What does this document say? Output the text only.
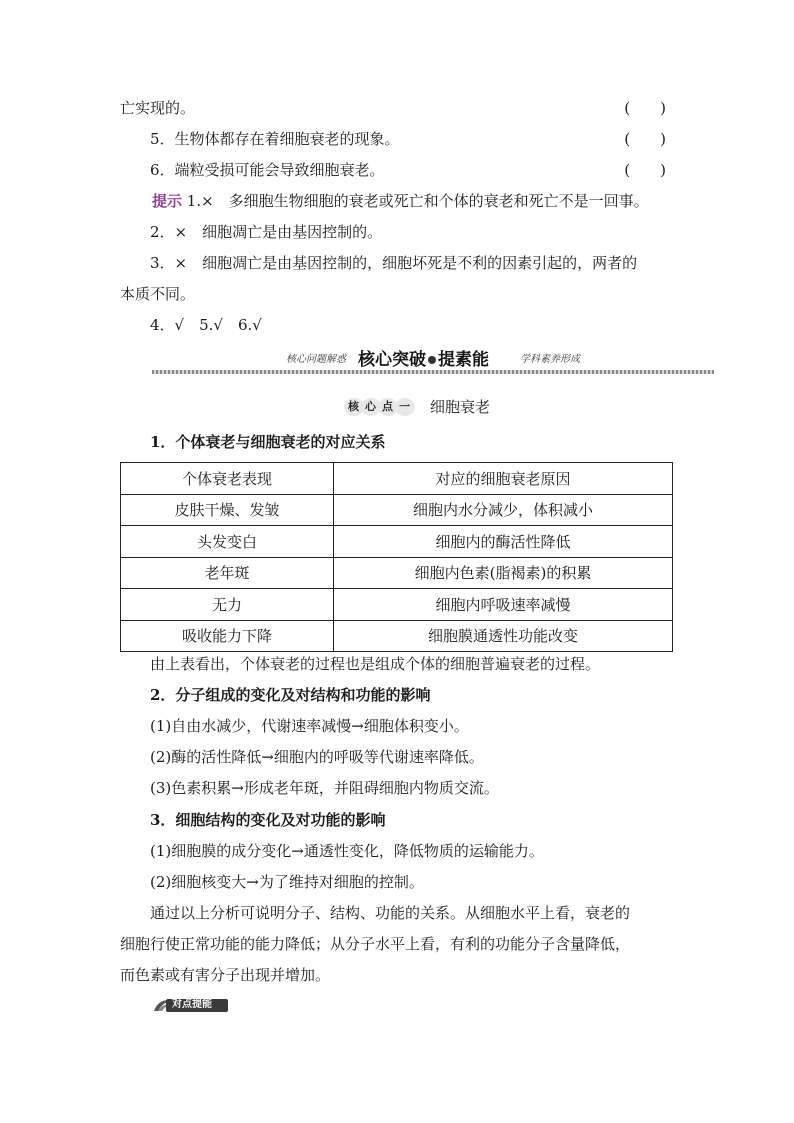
亡实现的。	(　　)
5．生物体都存在着细胞衰老的现象。	(　　)
6．端粒受损可能会导致细胞衰老。	(　　)
提示 1.×　多细胞生物细胞的衰老或死亡和个体的衰老和死亡不是一回事。
2．×　细胞凋亡是由基因控制的。
3．×　细胞凋亡是由基因控制的，细胞坏死是不利的因素引起的，两者的
本质不同。
4．√　5.√　6.√
核心问题解惑 核心突破 提素能	学科素养形成
核 心 点 一 细胞衰老
1．个体衰老与细胞衰老的对应关系
个体衰老表现	对应的细胞衰老原因
皮肤干燥、发皱	细胞内水分减少，体积减小
头发变白	细胞内的酶活性降低
老年斑	细胞内色素(脂褐素)的积累
无力	细胞内呼吸速率减慢
吸收能力下降	细胞膜通透性功能改变
由上表看出，个体衰老的过程也是组成个体的细胞普遍衰老的过程。
2．分子组成的变化及对结构和功能的影响
(1)自由水减少，代谢速率减慢→细胞体积变小。
(2)酶的活性降低→细胞内的呼吸等代谢速率降低。
(3)色素积累→形成老年斑，并阻碍细胞内物质交流。
3．细胞结构的变化及对功能的影响
(1)细胞膜的成分变化→通透性变化，降低物质的运输能力。
(2)细胞核变大→为了维持对细胞的控制。
通过以上分析可说明分子、结构、功能的关系。从细胞水平上看，衰老的
细胞行使正常功能的能力降低；从分子水平上看，有利的功能分子含量降低，
而色素或有害分子出现并增加。
对点提能
